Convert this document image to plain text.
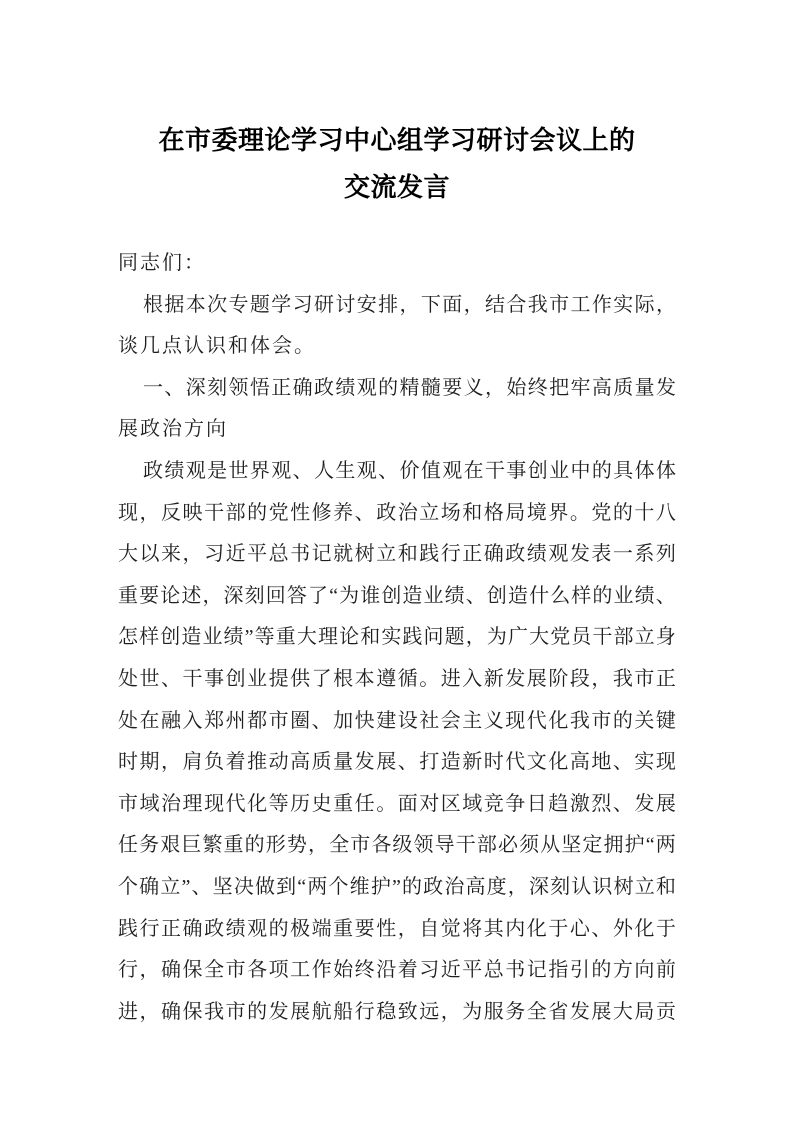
在市委理论学习中心组学习研讨会议上的
交流发言
同志们：
根 据 本 次 专 题 学 习 研 讨 安 排 ， 下 面 ， 结 合 我 市 工 作 实 际 ，
谈几点认识和体会。
一 、 深 刻 领 悟 正 确 政 绩 观 的 精 髓 要 义 ， 始 终 把 牢 高 质 量 发
展政治方向
政 绩 观 是 世 界 观 、 人 生 观 、 价 值 观 在 干 事 创 业 中 的 具 体 体
现 ， 反 映 干 部 的 党 性 修 养 、 政 治 立 场 和 格 局 境 界 。 党 的 十 八
大 以 来 ， 习 近 平 总 书 记 就 树 立 和 践 行 正 确 政 绩 观 发 表 一 系 列
重 要 论 述 ， 深 刻 回 答 了 “ 为 谁 创 造 业 绩 、 创 造 什 么 样 的 业 绩 、
怎 样 创 造 业 绩 ” 等 重 大 理 论 和 实 践 问 题 ， 为 广 大 党 员 干 部 立 身
处 世 、 干 事 创 业 提 供 了 根 本 遵 循 。 进 入 新 发 展 阶 段 ， 我 市 正
处 在 融 入 郑 州 都 市 圈 、 加 快 建 设 社 会 主 义 现 代 化 我 市 的 关 键
时 期 ， 肩 负 着 推 动 高 质 量 发 展 、 打 造 新 时 代 文 化 高 地 、 实 现
市 域 治 理 现 代 化 等 历 史 重 任 。 面 对 区 域 竞 争 日 趋 激 烈 、 发 展
任 务 艰 巨 繁 重 的 形 势 ， 全 市 各 级 领 导 干 部 必 须 从 坚 定 拥 护 “ 两
个 确 立 ” 、 坚 决 做 到 “ 两 个 维 护 ” 的 政 治 高 度 ， 深 刻 认 识 树 立 和
践 行 正 确 政 绩 观 的 极 端 重 要 性 ， 自 觉 将 其 内 化 于 心 、 外 化 于
行 ， 确 保 全 市 各 项 工 作 始 终 沿 着 习 近 平 总 书 记 指 引 的 方 向 前
进 ， 确 保 我 市 的 发 展 航 船 行 稳 致 远 ， 为 服 务 全 省 发 展 大 局 贡
